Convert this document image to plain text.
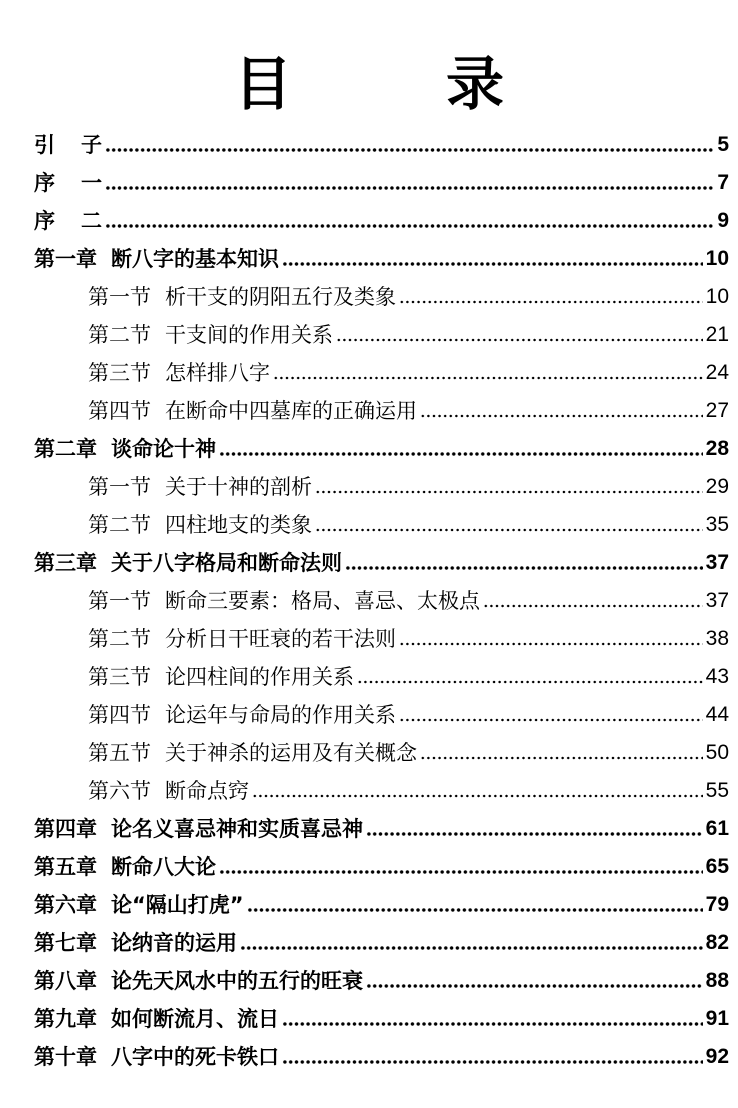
目　录
引 子	5
序 一	7
序 二	9
第一章 断八字的基本知识	10
第一节 析干支的阴阳五行及类象	10
第二节 干支间的作用关系	21
第三节 怎样排八字	24
第四节 在断命中四墓库的正确运用	27
第二章 谈命论十神	28
第一节 关于十神的剖析	29
第二节 四柱地支的类象	35
第三章 关于八字格局和断命法则	37
第一节 断命三要素：格局、喜忌、太极点	37
第二节 分析日干旺衰的若干法则	38
第三节 论四柱间的作用关系	43
第四节 论运年与命局的作用关系	44
第五节 关于神杀的运用及有关概念	50
第六节 断命点窍	55
第四章 论名义喜忌神和实质喜忌神	61
第五章 断命八大论	65
第六章 论“隔山打虎”	79
第七章 论纳音的运用	82
第八章 论先天风水中的五行的旺衰	88
第九章 如何断流月、流日	91
第十章 八字中的死卡铁口	92
